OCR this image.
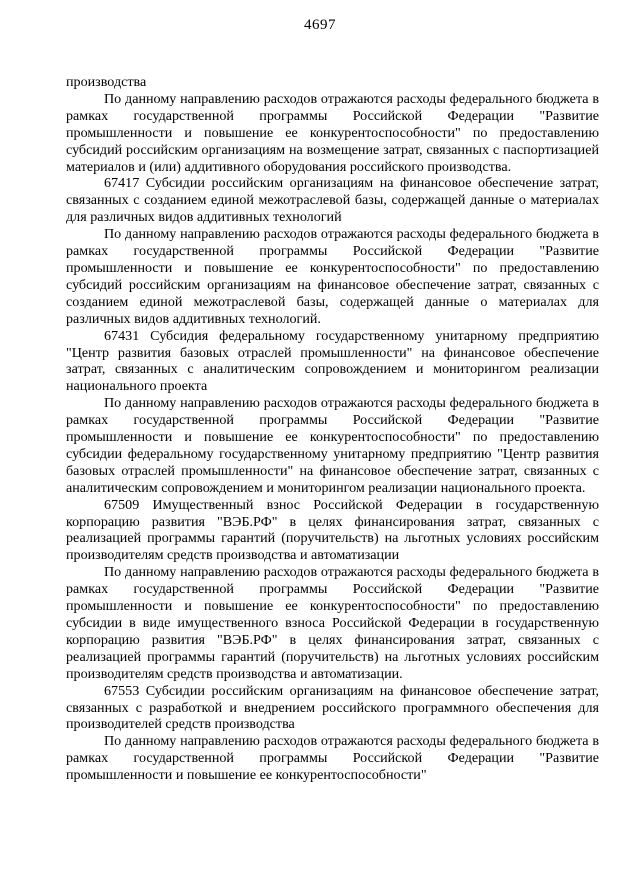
4697

производства

По данному направлению расходов отражаются расходы федерального бюджета в рамках государственной программы Российской Федерации "Развитие промышленности и повышение ее конкурентоспособности" по предоставлению субсидий российским организациям на возмещение затрат, связанных с паспортизацией материалов и (или) аддитивного оборудования российского производства.

67417 Субсидии российским организациям на финансовое обеспечение затрат, связанных с созданием единой межотраслевой базы, содержащей данные о материалах для различных видов аддитивных технологий

По данному направлению расходов отражаются расходы федерального бюджета в рамках государственной программы Российской Федерации "Развитие промышленности и повышение ее конкурентоспособности" по предоставлению субсидий российским организациям на финансовое обеспечение затрат, связанных с созданием единой межотраслевой базы, содержащей данные о материалах для различных видов аддитивных технологий.

67431 Субсидия федеральному государственному унитарному предприятию "Центр развития базовых отраслей промышленности" на финансовое обеспечение затрат, связанных с аналитическим сопровождением и мониторингом реализации национального проекта

По данному направлению расходов отражаются расходы федерального бюджета в рамках государственной программы Российской Федерации "Развитие промышленности и повышение ее конкурентоспособности" по предоставлению субсидии федеральному государственному унитарному предприятию "Центр развития базовых отраслей промышленности" на финансовое обеспечение затрат, связанных с аналитическим сопровождением и мониторингом реализации национального проекта.

67509 Имущественный взнос Российской Федерации в государственную корпорацию развития "ВЭБ.РФ" в целях финансирования затрат, связанных с реализацией программы гарантий (поручительств) на льготных условиях российским производителям средств производства и автоматизации

По данному направлению расходов отражаются расходы федерального бюджета в рамках государственной программы Российской Федерации "Развитие промышленности и повышение ее конкурентоспособности" по предоставлению субсидии в виде имущественного взноса Российской Федерации в государственную корпорацию развития "ВЭБ.РФ" в целях финансирования затрат, связанных с реализацией программы гарантий (поручительств) на льготных условиях российским производителям средств производства и автоматизации.

67553 Субсидии российским организациям на финансовое обеспечение затрат, связанных с разработкой и внедрением российского программного обеспечения для производителей средств производства

По данному направлению расходов отражаются расходы федерального бюджета в рамках государственной программы Российской Федерации "Развитие промышленности и повышение ее конкурентоспособности"
